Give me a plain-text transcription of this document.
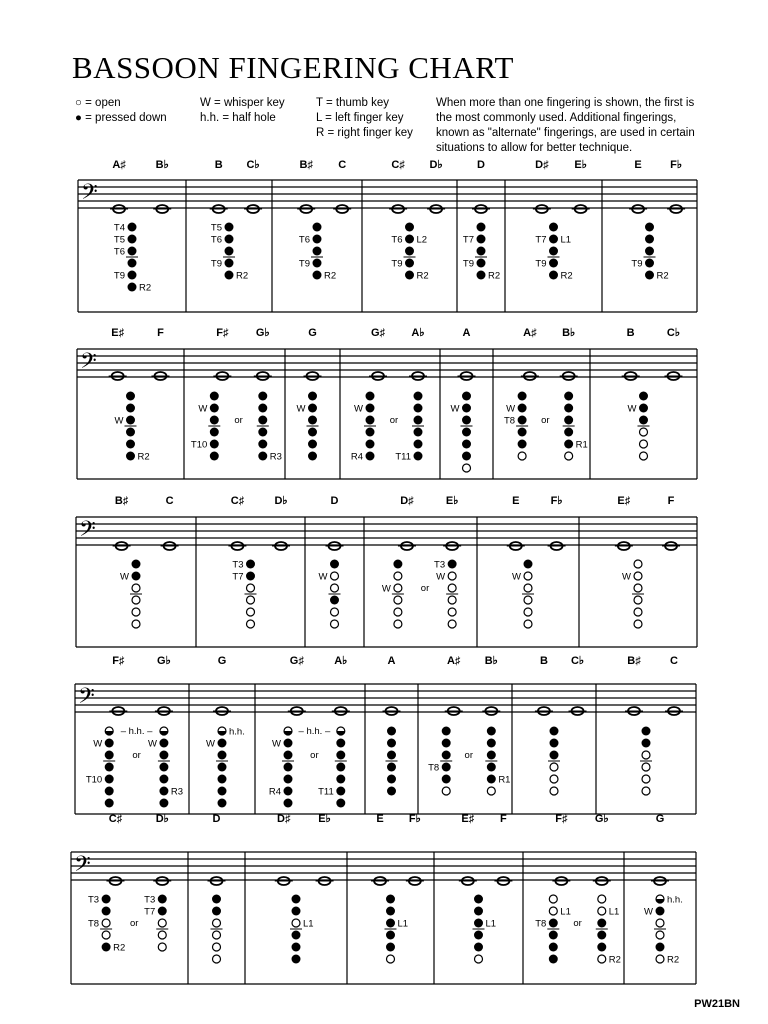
BASSOON FINGERING CHART
○ = open
● = pressed down
W = whisper key
h.h. = half hole
T = thumb key
L = left finger key
R = right finger key
When more than one fingering is shown, the first is the most commonly used. Additional fingerings, known as "alternate" fingerings, are used in certain situations to allow for better technique.
𝄢
A♯	B♭
T4
T5
T6
T9
R2
B C♭
T5
T6
T9
R2
B♯ C
T6
T9
R2
C♯ D♭
T6 L2
T9
R2
D
T7
T9
R2
D♯ E♭
T7 L1
T9
R2
E	F♭
T9
R2
𝄢
E♯	F
W
R2
F♯ G♭
W
T10
R3
or
G
W
G♯ A♭
W
R4	T11
or
A
W
A♯ B♭
W
T8
R1
or
B	C♭
W
𝄢
B♯	C
W
C♯	D♭
T3
T7
D
W
D♯	E♭
W
T3
W
or
E	F♭
W
E♯	F
W
𝄢
F♯	G♭
W
T10
W
R3
or
– h.h. –
G
h.h.
W
G♯	A♭
W
R4	T11
or
– h.h. –
A	A♯ B♭
T8
R1
or
B C♭	B♯	C
𝄢
C♯	D♭
T3
T8
R2
T3
T7
or
D	D♯	E♭
L1
E F♭
L1
E♯ F
L1
F♯ G♭
L1
T8
L1
R2
or
G
h.h.
W
R2
PW21BN
